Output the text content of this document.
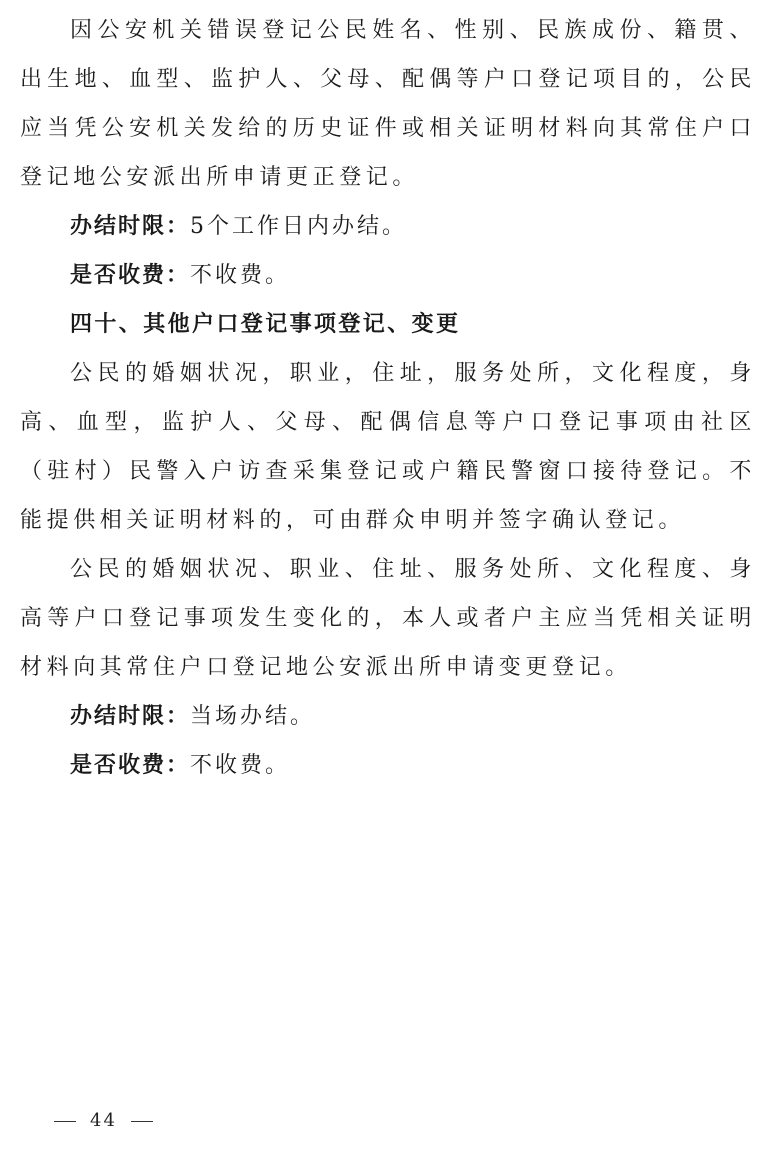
因公安机关错误登记公民姓名、性别、民族成份、籍贯、出生地、血型、监护人、父母、配偶等户口登记项目的，公民应当凭公安机关发给的历史证件或相关证明材料向其常住户口登记地公安派出所申请更正登记。

办结时限：5个工作日内办结。

是否收费：不收费。

四十、其他户口登记事项登记、变更

公民的婚姻状况，职业，住址，服务处所，文化程度，身高、血型，监护人、父母、配偶信息等户口登记事项由社区（驻村）民警入户访查采集登记或户籍民警窗口接待登记。不能提供相关证明材料的，可由群众申明并签字确认登记。

公民的婚姻状况、职业、住址、服务处所、文化程度、身高等户口登记事项发生变化的，本人或者户主应当凭相关证明材料向其常住户口登记地公安派出所申请变更登记。

办结时限：当场办结。

是否收费：不收费。

44
